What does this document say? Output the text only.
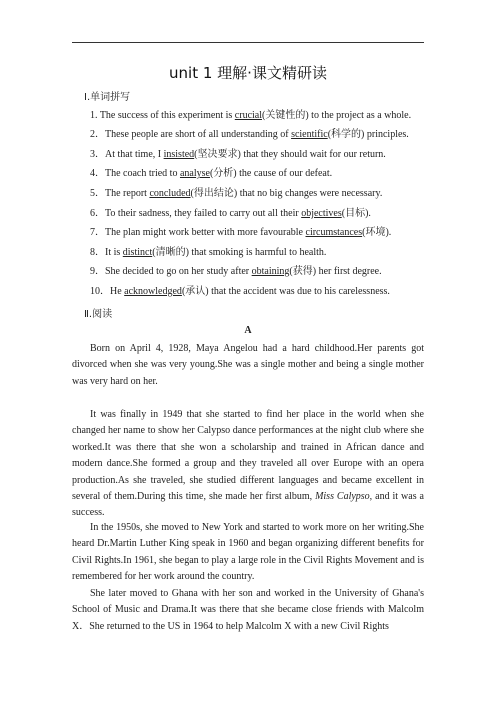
unit 1 理解·课文精研读
Ⅰ.单词拼写
1. The success of this experiment is crucial(关键性的) to the project as a whole.
2．These people are short of all understanding of scientific(科学的) principles.
3．At that time, I insisted(坚决要求) that they should wait for our return.
4．The coach tried to analyse(分析) the cause of our defeat.
5．The report concluded(得出结论) that no big changes were necessary.
6．To their sadness, they failed to carry out all their objectives(目标).
7．The plan might work better with more favourable circumstances(环境).
8．It is distinct(清晰的) that smoking is harmful to health.
9．She decided to go on her study after obtaining(获得) her first degree.
10．He acknowledged(承认) that the accident was due to his carelessness.
Ⅱ.阅读
A

Born on April 4, 1928, Maya Angelou had a hard childhood.Her parents got divorced when she was very young.She was a single mother and being a single mother was very hard on her.

It was finally in 1949 that she started to find her place in the world when she changed her name to show her Calypso dance performances at the night club where she worked.It was there that she won a scholarship and trained in African dance and modern dance.She formed a group and they traveled all over Europe with an opera production.As she traveled, she studied different languages and became excellent in several of them.During this time, she made her first album, Miss Calypso, and it was a success.

In the 1950s, she moved to New York and started to work more on her writing.She heard Dr.Martin Luther King speak in 1960 and began organizing different benefits for Civil Rights.In 1961, she began to play a large role in the Civil Rights Movement and is remembered for her work around the country.

She later moved to Ghana with her son and worked in the University of Ghana's School of Music and Drama.It was there that she became close friends with Malcolm X．She returned to the US in 1964 to help Malcolm X with a new Civil Rights
